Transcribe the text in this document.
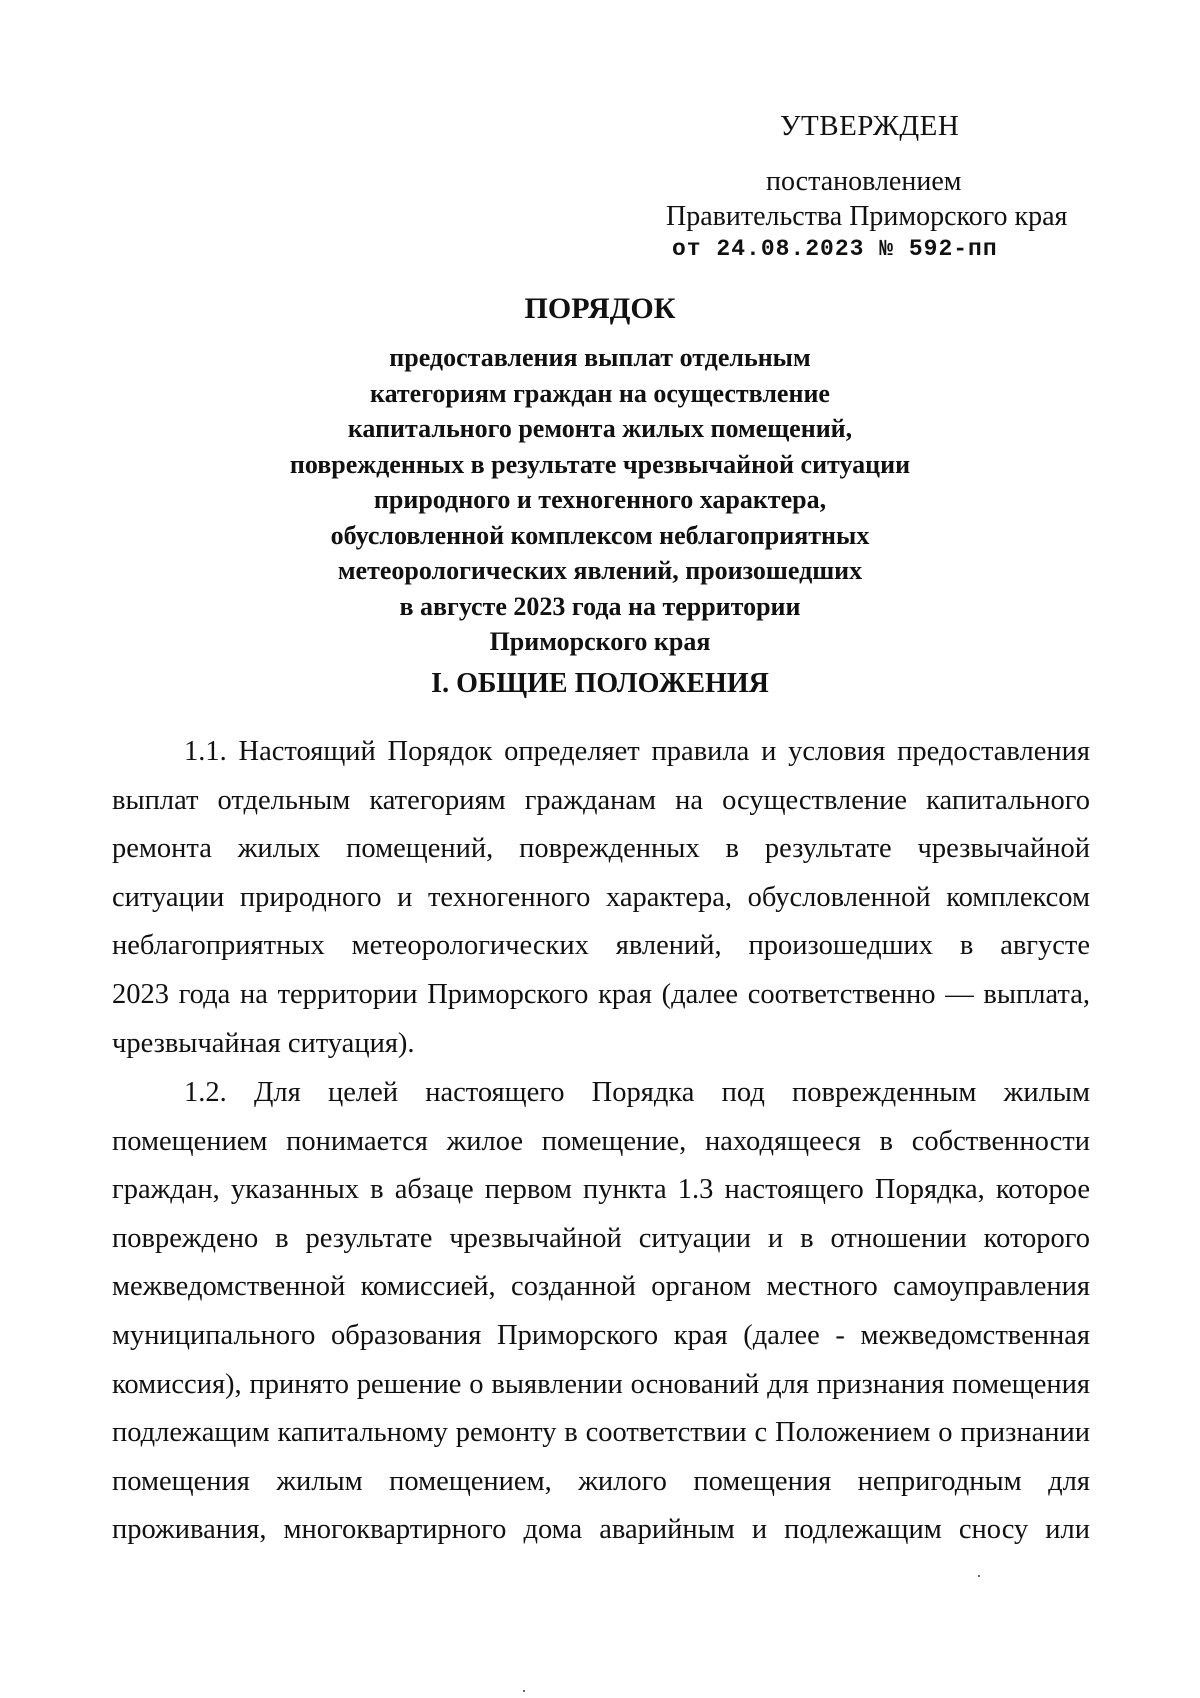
УТВЕРЖДЕН
постановлением
Правительства Приморского края
от 24.08.2023 № 592-пп
ПОРЯДОК
предоставления выплат отдельным
категориям граждан на осуществление
капитального ремонта жилых помещений,
поврежденных в результате чрезвычайной ситуации
природного и техногенного характера,
обусловленной комплексом неблагоприятных
метеорологических явлений, произошедших
в августе 2023 года на территории
Приморского края
I. ОБЩИЕ ПОЛОЖЕНИЯ
1.1. Настоящий Порядок определяет правила и условия предоставления
выплат отдельным категориям гражданам на осуществление капитального
ремонта жилых помещений, поврежденных в результате чрезвычайной
ситуации природного и техногенного характера, обусловленной комплексом
неблагоприятных метеорологических явлений, произошедших в августе
2023 года на территории Приморского края (далее соответственно — выплата,
чрезвычайная ситуация).
1.2. Для целей настоящего Порядка под поврежденным жилым
помещением понимается жилое помещение, находящееся в собственности
граждан, указанных в абзаце первом пункта 1.3 настоящего Порядка, которое
повреждено в результате чрезвычайной ситуации и в отношении которого
межведомственной комиссией, созданной органом местного самоуправления
муниципального образования Приморского края (далее - межведомственная
комиссия), принято решение о выявлении оснований для признания помещения
подлежащим капитальному ремонту в соответствии с Положением о признании
помещения жилым помещением, жилого помещения непригодным для
проживания, многоквартирного дома аварийным и подлежащим сносу или
